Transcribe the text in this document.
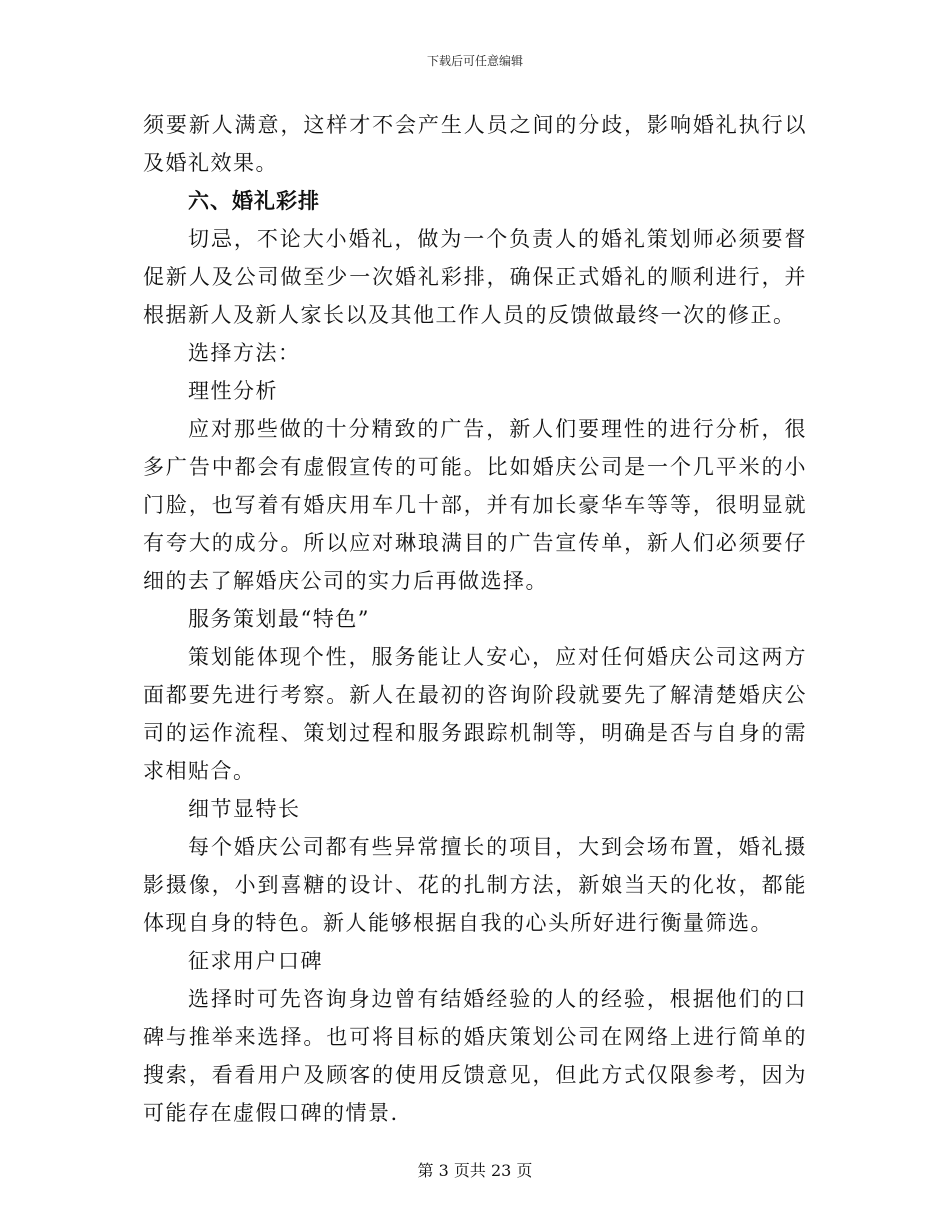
下载后可任意编辑

须要新人满意，这样才不会产生人员之间的分歧，影响婚礼执行以及婚礼效果。

六、婚礼彩排

切忌，不论大小婚礼，做为一个负责人的婚礼策划师必须要督促新人及公司做至少一次婚礼彩排，确保正式婚礼的顺利进行，并根据新人及新人家长以及其他工作人员的反馈做最终一次的修正。

选择方法：

理性分析

应对那些做的十分精致的广告，新人们要理性的进行分析，很多广告中都会有虚假宣传的可能。比如婚庆公司是一个几平米的小门脸，也写着有婚庆用车几十部，并有加长豪华车等等，很明显就有夸大的成分。所以应对琳琅满目的广告宣传单，新人们必须要仔细的去了解婚庆公司的实力后再做选择。

服务策划最“特色”

策划能体现个性，服务能让人安心，应对任何婚庆公司这两方面都要先进行考察。新人在最初的咨询阶段就要先了解清楚婚庆公司的运作流程、策划过程和服务跟踪机制等，明确是否与自身的需求相贴合。

细节显特长

每个婚庆公司都有些异常擅长的项目，大到会场布置，婚礼摄影摄像，小到喜糖的设计、花的扎制方法，新娘当天的化妆，都能体现自身的特色。新人能够根据自我的心头所好进行衡量筛选。

征求用户口碑

选择时可先咨询身边曾有结婚经验的人的经验，根据他们的口碑与推举来选择。也可将目标的婚庆策划公司在网络上进行简单的搜索，看看用户及顾客的使用反馈意见，但此方式仅限参考，因为可能存在虚假口碑的情景.

第 3 页共 23 页
